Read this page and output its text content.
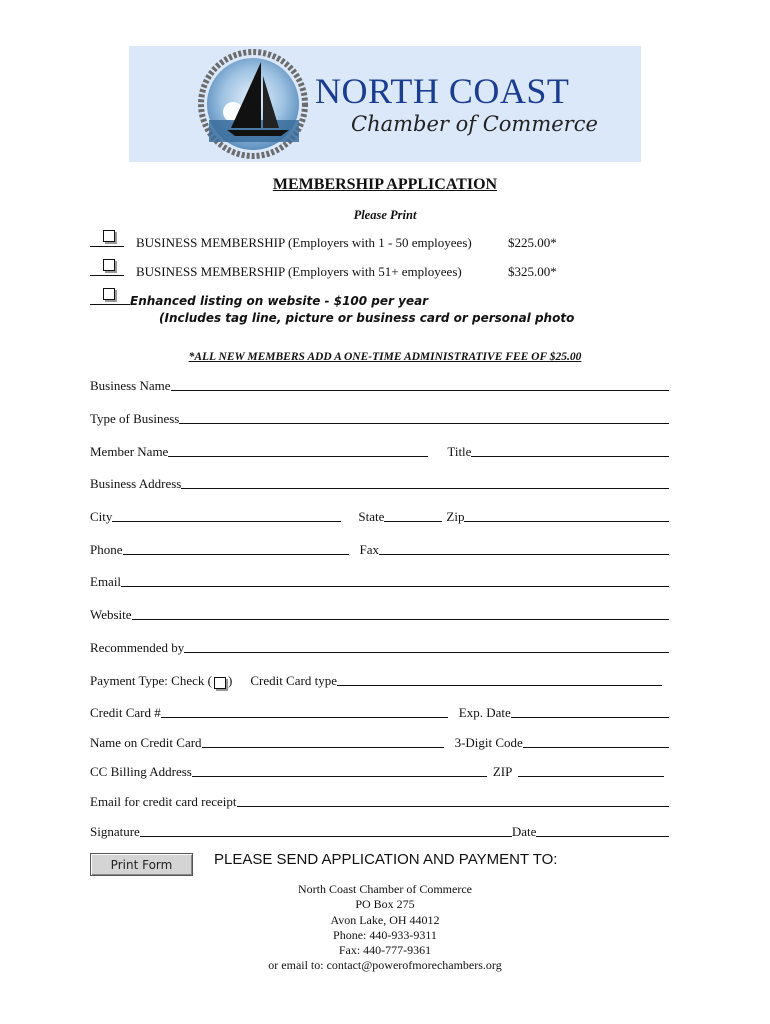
NORTH COAST
Chamber of Commerce
MEMBERSHIP APPLICATION
Please Print
BUSINESS MEMBERSHIP (Employers with 1 - 50 employees)	$225.00*
BUSINESS MEMBERSHIP (Employers with 51+ employees)	$325.00*
Enhanced listing on website - $100 per year
(Includes tag line, picture or business card or personal photo
*ALL NEW MEMBERS ADD A ONE-TIME ADMINISTRATIVE FEE OF $25.00
Business Name
Type of Business
Member Name	Title
Business Address
City	State	Zip
Phone	Fax
Email
Website
Recommended by
Payment Type: Check ( ) Credit Card type
Credit Card #	Exp. Date
Name on Credit Card	3-Digit Code
CC Billing Address	ZIP
Email for credit card receipt
Signature	Date
Print Form	PLEASE SEND APPLICATION AND PAYMENT TO:
North Coast Chamber of Commerce
PO Box 275
Avon Lake, OH 44012
Phone: 440-933-9311
Fax: 440-777-9361
or email to: contact@powerofmorechambers.org
